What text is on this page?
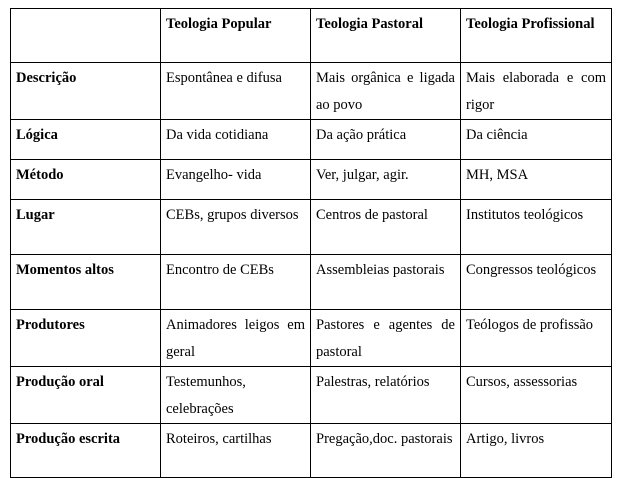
	Teologia Popular	Teologia Pastoral	Teologia Profissional
Descrição	Espontânea e difusa	Mais orgânica e ligada ao povo	Mais elaborada e com rigor
Lógica	Da vida cotidiana	Da ação prática	Da ciência
Método	Evangelho- vida	Ver, julgar, agir.	MH, MSA
Lugar	CEBs, grupos diversos	Centros de pastoral	Institutos teológicos
Momentos altos	Encontro de CEBs	Assembleias pastorais	Congressos teológicos
Produtores	Animadores leigos em geral	Pastores e agentes de pastoral	Teólogos de profissão
Produção oral	Testemunhos, celebrações	Palestras, relatórios	Cursos, assessorias
Produção escrita	Roteiros, cartilhas	Pregação,doc. pastorais	Artigo, livros
